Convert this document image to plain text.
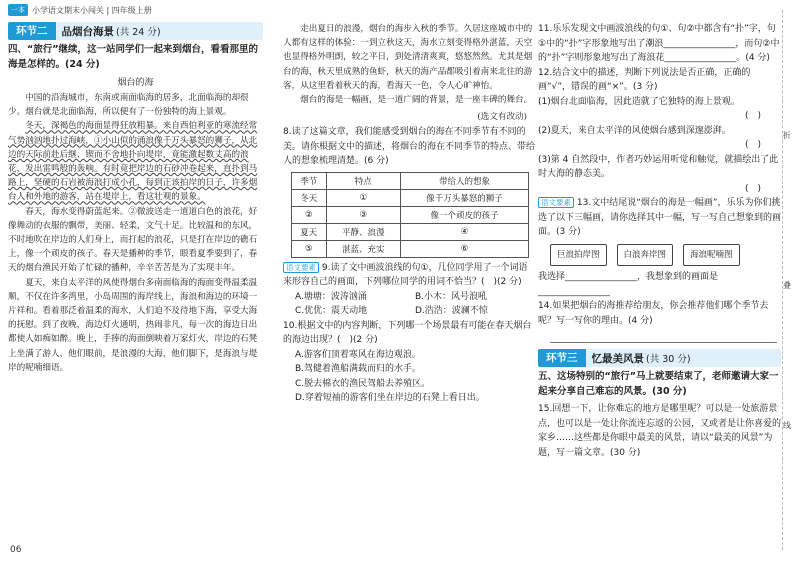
一本 小学语文期末小闯关 | 四年级上册
环节二	品烟台海景 (共 24 分)
四、“旅行”继续，这一站同学们一起来到烟台，看看那里的海是怎样的。(24 分)
烟台的海

中国的沿海城市，东南或南面临海的居多，北面临海的却很少。烟台就是北面临海，所以便有了一份独特的海上景观。

冬天，深褐色的海面显得狂放粗暴。来自西伯利亚的寒流经常气势汹汹地扑过海峡，①小山似的涌浪像千万头暴怒的狮子，从北边的天际前赴后继、锲而不舍地扑向堤岸，竟能激起数丈高的浪花，发出雷鸣般的轰响。有时竟把岸边的石砂冲卷起来，直扑到马路上，坚硬的石岩被海浪打成小孔，每到正该拍岸的日子，许多烟台人和外地的游客，站在堤岸上，看这壮观的景象。

春天，海水变得蔚蓝起来。②微波送走一道道白色的浪花，好像舞动的衣服的飘带，美丽、轻柔，文气十足。比较温和的东风，不时地吹在岸边的人们身上，而打起的浪花，只是打在岸边的礁石上，像一个顽皮的孩子。春天是播种的季节，眼看夏季要到了，春天的烟台渔民开始了忙碌的播种，辛辛苦苦是为了实现丰年。

夏天，来自太平洋的风使得烟台多南面临海的海面变得温柔温顺，不仅在许多湾里，小岛周围的海岸线上，海浪和海边的环境一片祥和。看着那泛着温柔的海水，人们迫不及待地下海，享受大海的抚慰。到了夜晚，海边灯火通明，热闹非凡，每一次的海边日出都使人如痴如醉。晚上，手捧的海面倒映着万家灯火，岸边的石凳上坐满了游人，他们眼前，是浪漫的大海，他们脚下，是海浪与堤岸的呢喃细语。

走出夏日的浪漫，烟台的海步入秋的季节。久居这座城市中的人都有这样的体验：一到立秋这天，海水立刻变得格外湛蓝，天空也显得格外明朗，较之平日，到处清清爽爽，悠悠然然。尤其是烟台的海，秋天里成熟的鱼虾，秋天的海产品都吸引着南来北往的游客，从这里看着秋天的海，看海天一色，令人心旷神怡。

烟台的海是一幅画，是一道广阔的背景，是一座丰碑的舞台。

(选文有改动)

8.读了这篇文章，我们能感受到烟台的海在不同季节有不同的美。请你根据文中的描述，将烟台的海在不同季节的特点、带给人的想象梳理清楚。(6 分)

季节	特点	带给人的想象
冬天	①	像千万头暴怒的狮子
②	③	像一个顽皮的孩子
夏天	平静、浪漫	④
⑤	湛蓝、充实	⑥

语文要素 9.读了文中画波浪线的句①，几位同学用了一个词语来形容自己的画面，下列哪位同学的用词不恰当？(　)(2 分)

A.塘塘：波涛汹涌	B.小木：风号浪吼
C.优优：震天动地	D.浩浩：波澜不惊

10.根据文中的内容判断，下列哪一个场景最有可能在春天烟台的海边出现？(　)(2 分)

A.游客们顶着寒风在海边观浪。

B.驾健着渔船满载而归的水手。

C.脱去棉衣的渔民驾船去养殖区。

D.穿着短袖的游客们坐在岸边的石凳上看日出。

11.乐乐发现文中画波浪线的句①、句②中都含有“扑”字，句①中的“扑”字形象地写出了潮浪________________，而句②中的“扑”字则形象地写出了海浪花________________。(4 分)

12.结合文中的描述，判断下列说法是否正确，正确的画“√”，错误的画“×”。(3 分)

(1)烟台北面临海，因此造就了它独特的海上景观。

(　)

(2)夏天，来自太平洋的风使烟台感到深邃澎湃。

(　)

(3)第 4 自然段中，作者巧妙运用听觉和触觉，就描绘出了此时大海的静态美。

(　)

语文要素 13.文中结尾说“烟台的海是一幅画”，乐乐为你们挑选了以下三幅画，请你选择其中一幅，写一写自己想象到的画面。(3 分)

巨浪拍岸图	白浪奔岸图	海浪呢喃图

我选择________________，我想象到的画面是________________

14.如果把烟台的海推荐给朋友，你会推荐他们哪个季节去呢？写一写你的理由。(4 分)

环节三	忆最美风景 (共 30 分)
五、这场特别的“旅行”马上就要结束了，老师邀请大家一起来分享自己难忘的风景。(30 分)

15.回想一下，让你难忘的地方是哪里呢？可以是一处旅游景点，也可以是一处让你流连忘返的公园，又或者是让你喜爱的家乡……这些都是你眼中最美的风景，请以“最美的风景”为题，写一篇文章。(30 分)

折
叠
线
06
